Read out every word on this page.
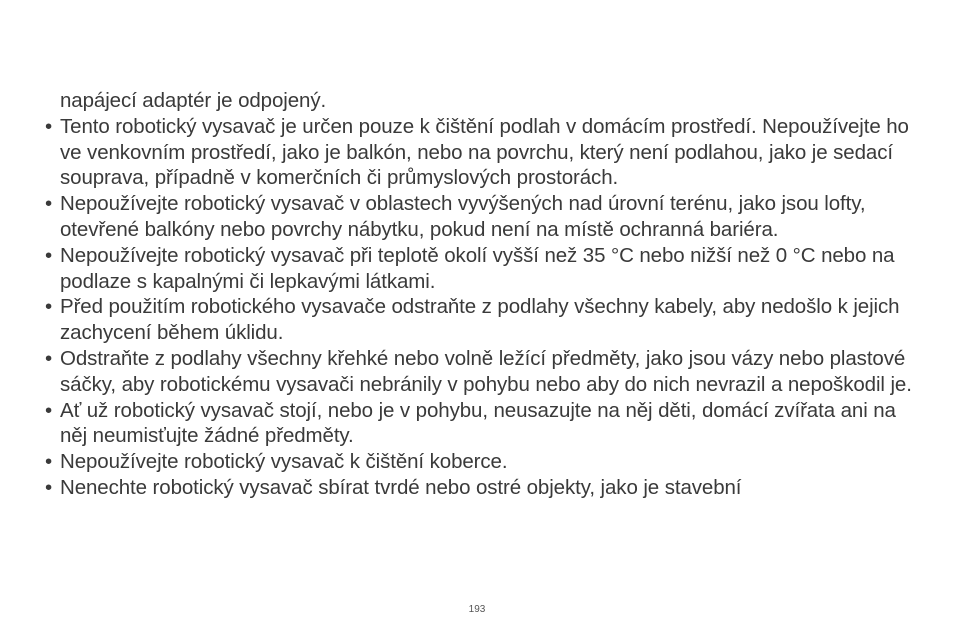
napájecí adaptér je odpojený.

• Tento robotický vysavač je určen pouze k čištění podlah v domácím prostředí. Nepoužívejte ho ve venkovním prostředí, jako je balkón, nebo na povrchu, který není podlahou, jako je sedací souprava, případně v komerčních či průmyslových prostorách.
• Nepoužívejte robotický vysavač v oblastech vyvýšených nad úrovní terénu, jako jsou lofty, otevřené balkóny nebo povrchy nábytku, pokud není na místě ochranná bariéra.
• Nepoužívejte robotický vysavač při teplotě okolí vyšší než 35 °C nebo nižší než 0 °C nebo na podlaze s kapalnými či lepkavými látkami.
• Před použitím robotického vysavače odstraňte z podlahy všechny kabely, aby nedošlo k jejich zachycení během úklidu.
• Odstraňte z podlahy všechny křehké nebo volně ležící předměty, jako jsou vázy nebo plastové sáčky, aby robotickému vysavači nebránily v pohybu nebo aby do nich nevrazil a nepoškodil je.
• Ať už robotický vysavač stojí, nebo je v pohybu, neusazujte na něj děti, domácí zvířata ani na něj neumisťujte žádné předměty.
• Nepoužívejte robotický vysavač k čištění koberce.
• Nenechte robotický vysavač sbírat tvrdé nebo ostré objekty, jako je stavební
193
